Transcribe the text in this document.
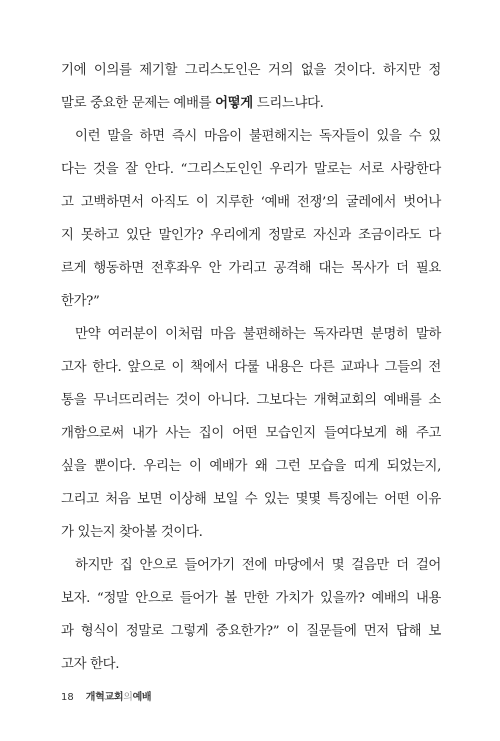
기에 이의를 제기할 그리스도인은 거의 없을 것이다. 하지만 정
말로 중요한 문제는 예배를 어떻게 드리느냐다.
이런 말을 하면 즉시 마음이 불편해지는 독자들이 있을 수 있
다는 것을 잘 안다. “그리스도인인 우리가 말로는 서로 사랑한다
고 고백하면서 아직도 이 지루한 ‘예배 전쟁’의 굴레에서 벗어나
지 못하고 있단 말인가? 우리에게 정말로 자신과 조금이라도 다
르게 행동하면 전후좌우 안 가리고 공격해 대는 목사가 더 필요
한가?”
만약 여러분이 이처럼 마음 불편해하는 독자라면 분명히 말하
고자 한다. 앞으로 이 책에서 다룰 내용은 다른 교파나 그들의 전
통을 무너뜨리려는 것이 아니다. 그보다는 개혁교회의 예배를 소
개함으로써 내가 사는 집이 어떤 모습인지 들여다보게 해 주고
싶을 뿐이다. 우리는 이 예배가 왜 그런 모습을 띠게 되었는지,
그리고 처음 보면 이상해 보일 수 있는 몇몇 특징에는 어떤 이유
가 있는지 찾아볼 것이다.
하지만 집 안으로 들어가기 전에 마당에서 몇 걸음만 더 걸어
보자. “정말 안으로 들어가 볼 만한 가치가 있을까? 예배의 내용
과 형식이 정말로 그렇게 중요한가?” 이 질문들에 먼저 답해 보
고자 한다.
18 개혁교회의예배
